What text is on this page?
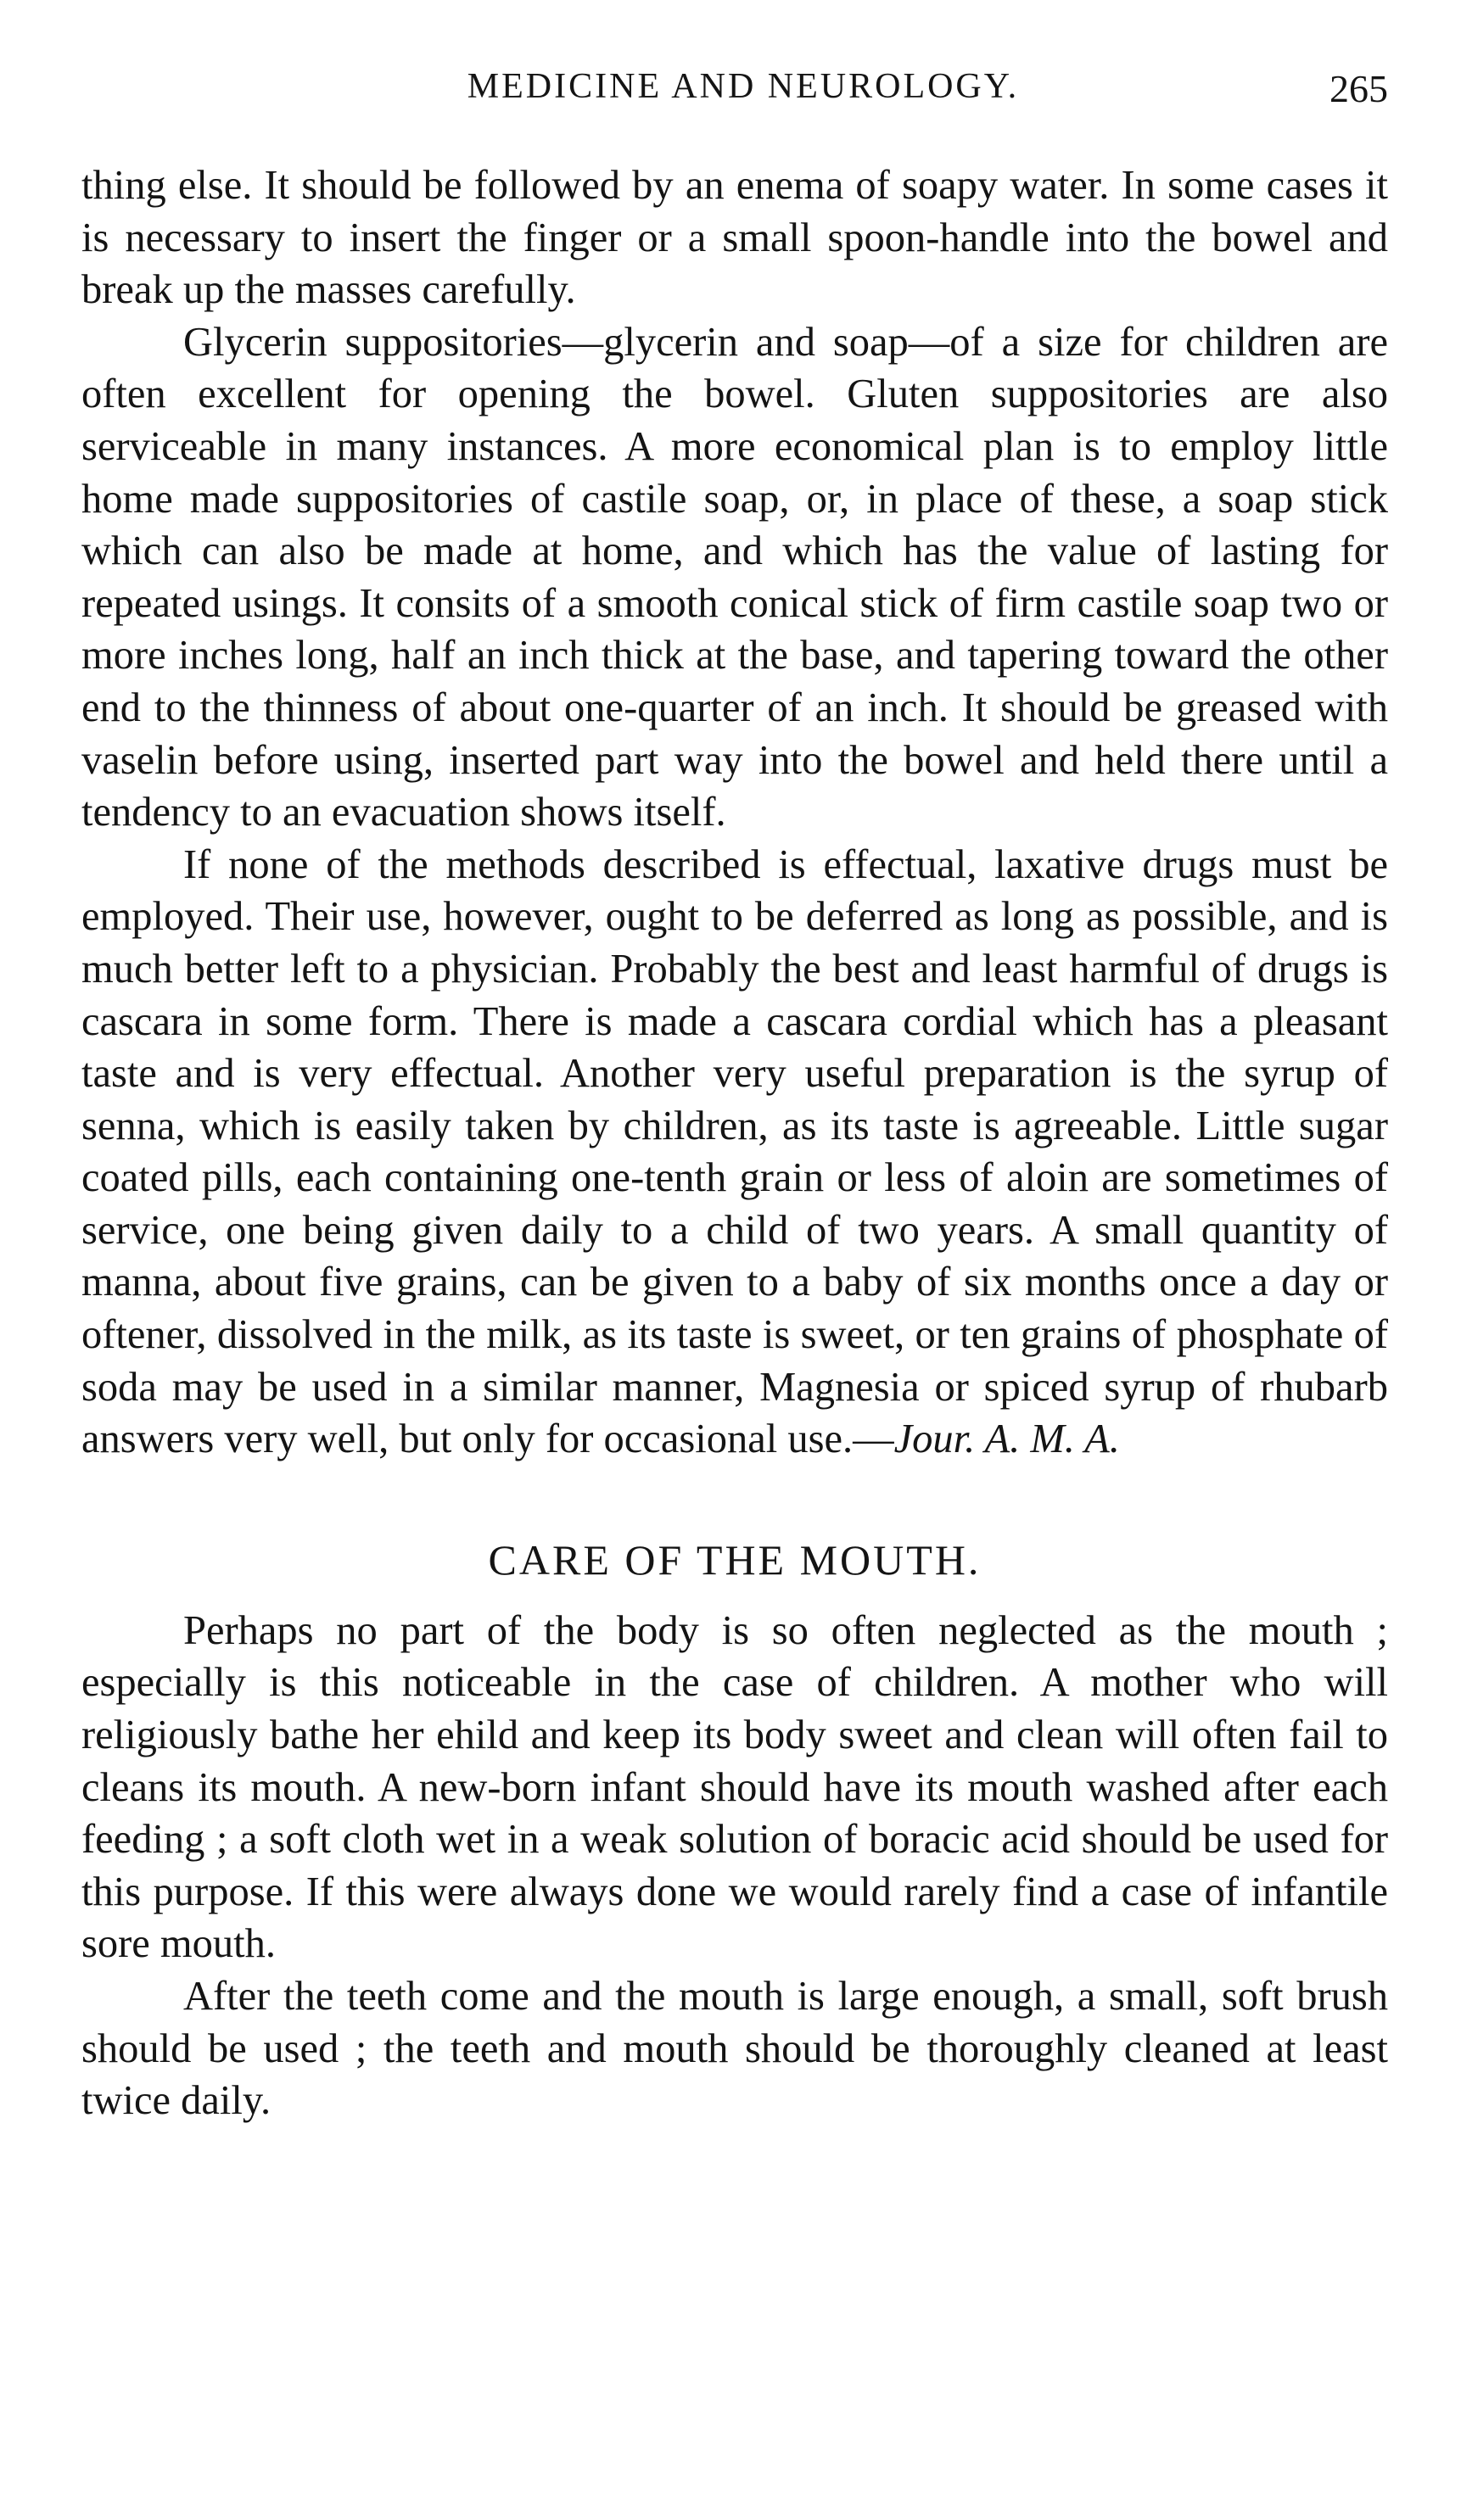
MEDICINE AND NEUROLOGY.	265

thing else. It should be followed by an enema of soapy water. In some cases it is necessary to insert the finger or a small spoon-handle into the bowel and break up the masses carefully.

Glycerin suppositories—glycerin and soap—of a size for children are often excellent for opening the bowel. Gluten suppositories are also serviceable in many instances. A more economical plan is to employ little home made suppositories of castile soap, or, in place of these, a soap stick which can also be made at home, and which has the value of lasting for repeated usings. It consits of a smooth conical stick of firm castile soap two or more inches long, half an inch thick at the base, and tapering toward the other end to the thinness of about one-quarter of an inch. It should be greased with vaselin before using, inserted part way into the bowel and held there until a tendency to an evacuation shows itself.

If none of the methods described is effectual, laxative drugs must be employed. Their use, however, ought to be deferred as long as possible, and is much better left to a physician. Probably the best and least harmful of drugs is cascara in some form. There is made a cascara cordial which has a pleasant taste and is very effectual. Another very useful preparation is the syrup of senna, which is easily taken by children, as its taste is agreeable. Little sugar coated pills, each containing one-tenth grain or less of aloin are sometimes of service, one being given daily to a child of two years. A small quantity of manna, about five grains, can be given to a baby of six months once a day or oftener, dissolved in the milk, as its taste is sweet, or ten grains of phosphate of soda may be used in a similar manner, Magnesia or spiced syrup of rhubarb answers very well, but only for occasional use.—Jour. A. M. A.

CARE OF THE MOUTH.

Perhaps no part of the body is so often neglected as the mouth ; especially is this noticeable in the case of children. A mother who will religiously bathe her ehild and keep its body sweet and clean will often fail to cleans its mouth. A new-born infant should have its mouth washed after each feeding ; a soft cloth wet in a weak solution of boracic acid should be used for this purpose. If this were always done we would rarely find a case of infantile sore mouth.

After the teeth come and the mouth is large enough, a small, soft brush should be used ; the teeth and mouth should be thoroughly cleaned at least twice daily.
